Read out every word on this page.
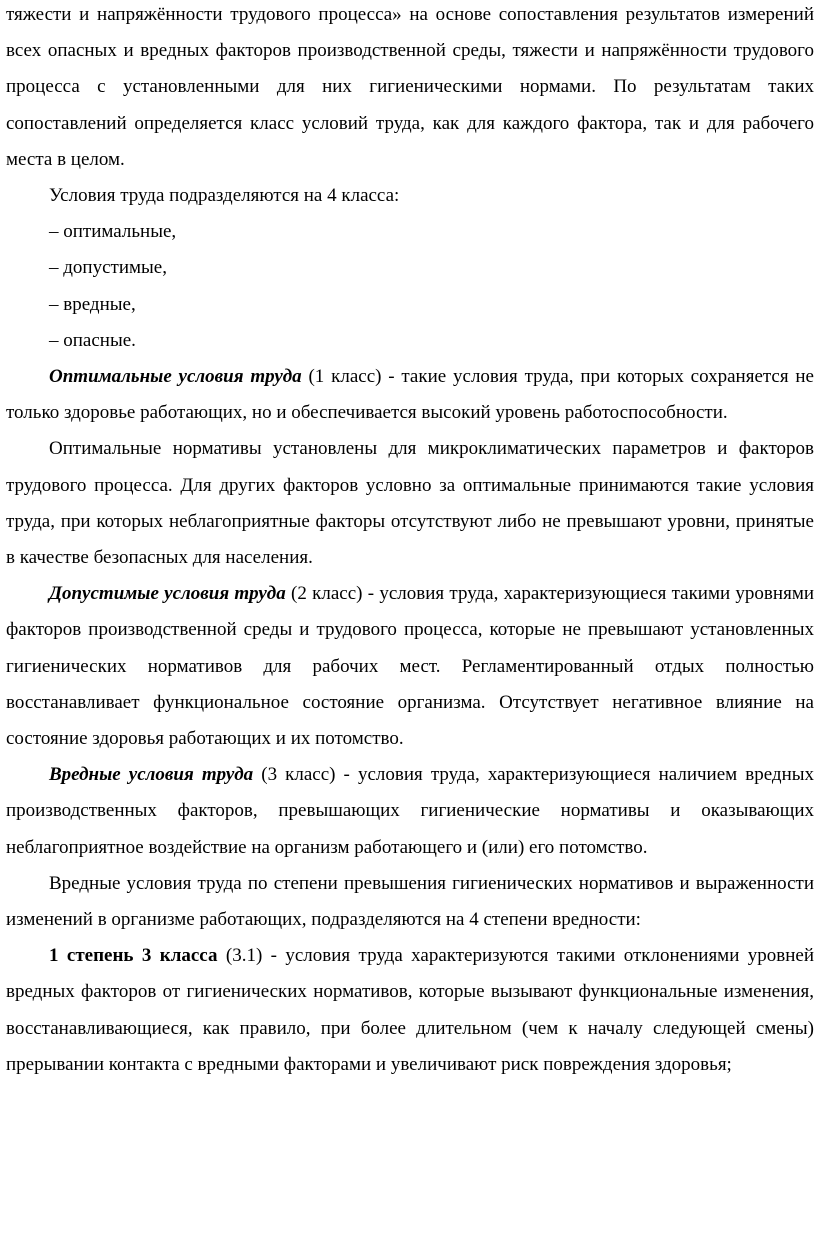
тяжести и напряжённости трудового процесса» на основе сопоставления результатов измерений всех опасных и вредных факторов производственной среды, тяжести и напряжённости трудового процесса с установленными для них гигиеническими нормами. По результатам таких сопоставлений определяется класс условий труда, как для каждого фактора, так и для рабочего места в целом.

Условия труда подразделяются на 4 класса:

– оптимальные,

– допустимые,

– вредные,

– опасные.

Оптимальные условия труда (1 класс) - такие условия труда, при которых сохраняется не только здоровье работающих, но и обеспечивается высокий уровень работоспособности.

Оптимальные нормативы установлены для микроклиматических параметров и факторов трудового процесса. Для других факторов условно за оптимальные принимаются такие условия труда, при которых неблагоприятные факторы отсутствуют либо не превышают уровни, принятые в качестве безопасных для населения.

Допустимые условия труда (2 класс) - условия труда, характеризующиеся такими уровнями факторов производственной среды и трудового процесса, которые не превышают установленных гигиенических нормативов для рабочих мест. Регламентированный отдых полностью восстанавливает функциональное состояние организма. Отсутствует негативное влияние на состояние здоровья работающих и их потомство.

Вредные условия труда (3 класс) - условия труда, характеризующиеся наличием вредных производственных факторов, превышающих гигиенические нормативы и оказывающих неблагоприятное воздействие на организм работающего и (или) его потомство.

Вредные условия труда по степени превышения гигиенических нормативов и выраженности изменений в организме работающих, подразделяются на 4 степени вредности:

1 степень 3 класса (3.1) - условия труда характеризуются такими отклонениями уровней вредных факторов от гигиенических нормативов, которые вызывают функциональные изменения, восстанавливающиеся, как правило, при более длительном (чем к началу следующей смены) прерывании контакта с вредными факторами и увеличивают риск повреждения здоровья;
